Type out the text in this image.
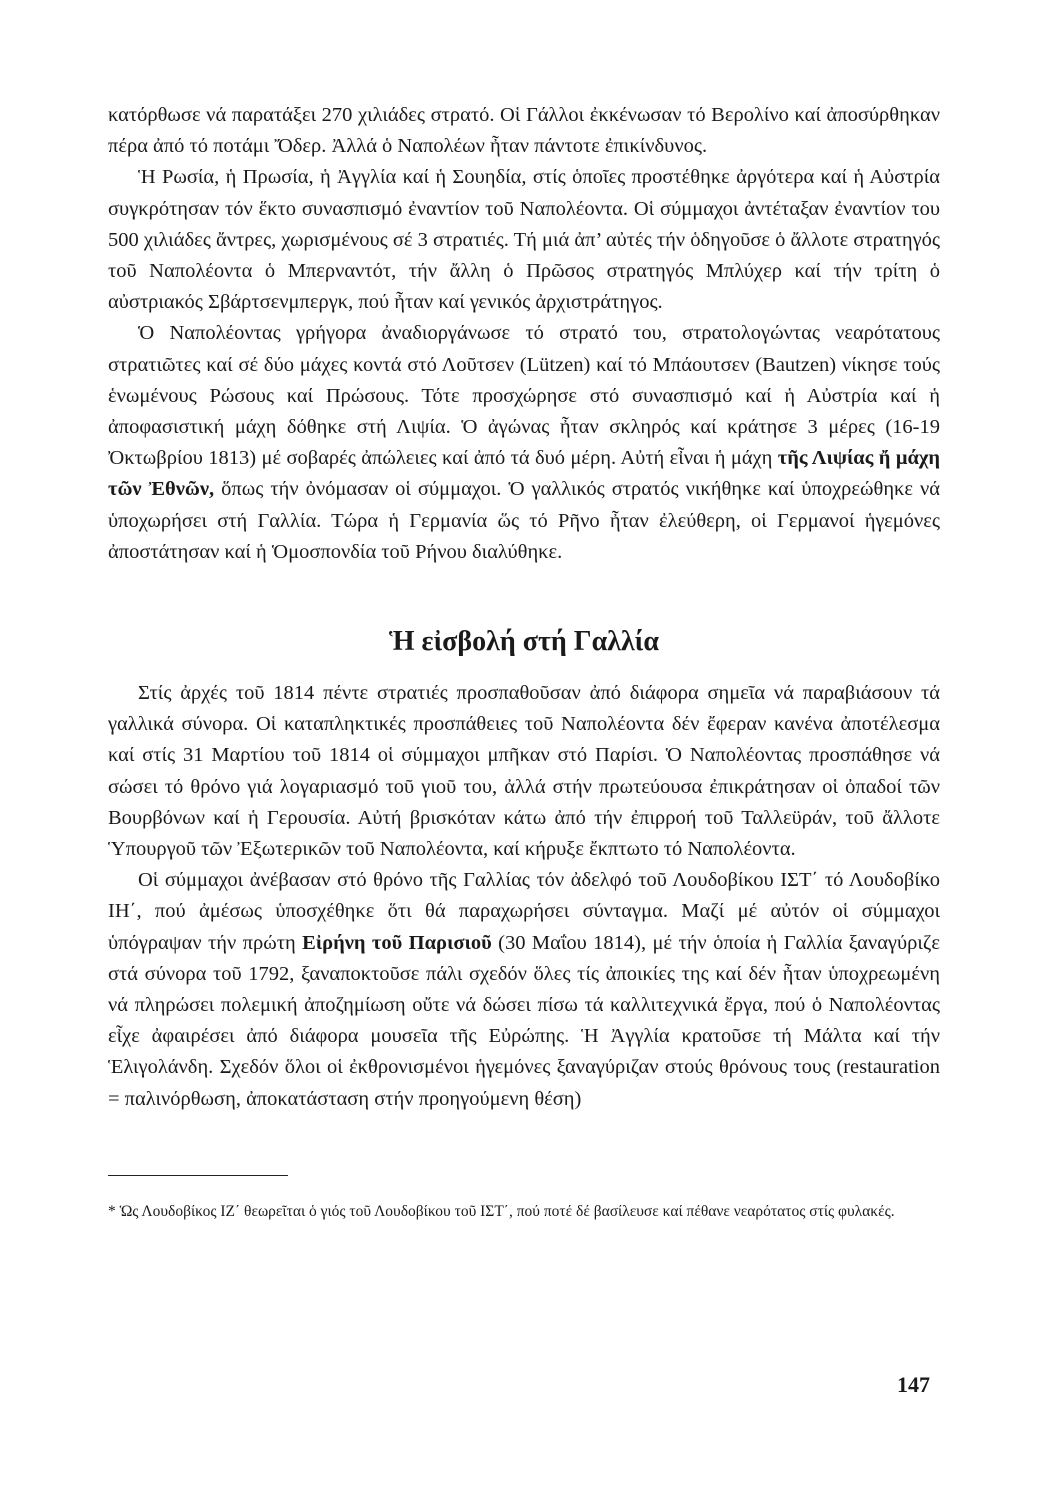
κατόρθωσε νά παρατάξει 270 χιλιάδες στρατό. Οἱ Γάλλοι ἐκκένωσαν τό Βερολίνο καί ἀποσύρθηκαν πέρα ἀπό τό ποτάμι Ὄδερ. Ἀλλά ὁ Ναπολέων ἦταν πάντοτε ἐπικίνδυνος.

Ἡ Ρωσία, ἡ Πρωσία, ἡ Ἀγγλία καί ἡ Σουηδία, στίς ὁποῖες προστέθηκε ἀργότερα καί ἡ Αὐστρία συγκρότησαν τόν ἕκτο συνασπισμό ἐναντίον τοῦ Ναπολέοντα. Οἱ σύμμαχοι ἀντέταξαν ἐναντίον του 500 χιλιάδες ἄντρες, χωρισμένους σέ 3 στρατιές. Τή μιά ἀπ’ αὐτές τήν ὁδηγοῦσε ὁ ἄλλοτε στρατηγός τοῦ Ναπολέοντα ὁ Μπερναντότ, τήν ἄλλη ὁ Πρῶσος στρατηγός Μπλύχερ καί τήν τρίτη ὁ αὐστριακός Σβάρτσενμπεργκ, πού ἦταν καί γενικός ἀρχιστράτηγος.

Ὁ Ναπολέοντας γρήγορα ἀναδιοργάνωσε τό στρατό του, στρατολογώντας νεαρότατους στρατιῶτες καί σέ δύο μάχες κοντά στό Λοῦτσεν (Lützen) καί τό Μπάουτσεν (Bautzen) νίκησε τούς ἑνωμένους Ρώσους καί Πρώσους. Τότε προσχώρησε στό συνασπισμό καί ἡ Αὐστρία καί ἡ ἀποφασιστική μάχη δόθηκε στή Λιψία. Ὁ ἀγώνας ἦταν σκληρός καί κράτησε 3 μέρες (16-19 Ὀκτωβρίου 1813) μέ σοβαρές ἀπώλειες καί ἀπό τά δυό μέρη. Αὐτή εἶναι ἡ μάχη τῆς Λιψίας ἤ μάχη τῶν Ἐθνῶν, ὅπως τήν ὀνόμασαν οἱ σύμμαχοι. Ὁ γαλλικός στρατός νικήθηκε καί ὑποχρεώθηκε νά ὑποχωρήσει στή Γαλλία. Τώρα ἡ Γερμανία ὥς τό Ρῆνο ἦταν ἐλεύθερη, οἱ Γερμανοί ἡγεμόνες ἀποστάτησαν καί ἡ Ὁμοσπονδία τοῦ Ρήνου διαλύθηκε.

Ἡ εἰσβολή στή Γαλλία

Στίς ἀρχές τοῦ 1814 πέντε στρατιές προσπαθοῦσαν ἀπό διάφορα σημεῖα νά παραβιάσουν τά γαλλικά σύνορα. Οἱ καταπληκτικές προσπάθειες τοῦ Ναπολέοντα δέν ἔφεραν κανένα ἀποτέλεσμα καί στίς 31 Μαρτίου τοῦ 1814 οἱ σύμμαχοι μπῆκαν στό Παρίσι. Ὁ Ναπολέοντας προσπάθησε νά σώσει τό θρόνο γιά λογαριασμό τοῦ γιοῦ του, ἀλλά στήν πρωτεύουσα ἐπικράτησαν οἱ ὀπαδοί τῶν Βουρβόνων καί ἡ Γερουσία. Αὐτή βρισκόταν κάτω ἀπό τήν ἐπιρροή τοῦ Ταλλεϋράν, τοῦ ἄλλοτε Ὑπουργοῦ τῶν Ἐξωτερικῶν τοῦ Ναπολέοντα, καί κήρυξε ἔκπτωτο τό Ναπολέοντα.

Οἱ σύμμαχοι ἀνέβασαν στό θρόνο τῆς Γαλλίας τόν ἀδελφό τοῦ Λουδοβίκου ΙΣΤ΄ τό Λουδοβίκο ΙΗ΄, πού ἀμέσως ὑποσχέθηκε ὅτι θά παραχωρήσει σύνταγμα. Μαζί μέ αὐτόν οἱ σύμμαχοι ὑπόγραψαν τήν πρώτη Εἰρήνη τοῦ Παρισιοῦ (30 Μαΐου 1814), μέ τήν ὁποία ἡ Γαλλία ξαναγύριζε στά σύνορα τοῦ 1792, ξαναποκτοῦσε πάλι σχεδόν ὅλες τίς ἀποικίες της καί δέν ἦταν ὑποχρεωμένη νά πληρώσει πολεμική ἀποζημίωση οὔτε νά δώσει πίσω τά καλλιτεχνικά ἔργα, πού ὁ Ναπολέοντας εἶχε ἀφαιρέσει ἀπό διάφορα μουσεῖα τῆς Εὐρώπης. Ἡ Ἀγγλία κρατοῦσε τή Μάλτα καί τήν Ἑλιγολάνδη. Σχεδόν ὅλοι οἱ ἐκθρονισμένοι ἡγεμόνες ξαναγύριζαν στούς θρόνους τους (restauration = παλινόρθωση, ἀποκατάσταση στήν προηγούμενη θέση)

* Ὡς Λουδοβίκος ΙΖ΄ θεωρεῖται ὁ γιός τοῦ Λουδοβίκου τοῦ ΙΣΤ΄, πού ποτέ δέ βασίλευσε καί πέθανε νεαρότατος στίς φυλακές.

147
